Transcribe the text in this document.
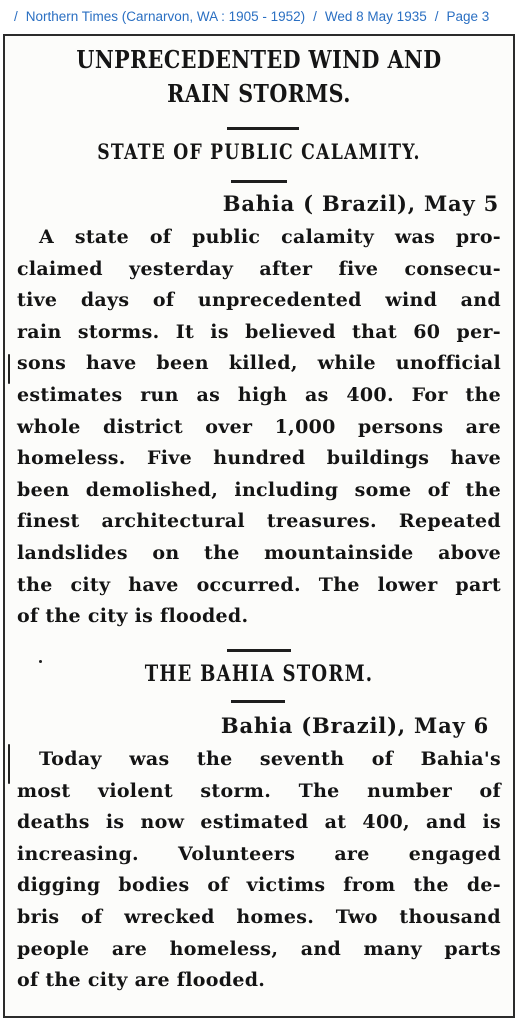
/ Northern Times (Carnarvon, WA : 1905 - 1952) / Wed 8 May 1935 / Page 3
UNPRECEDENTED WIND AND
RAIN STORMS.
STATE OF PUBLIC CALAMITY.
Bahia ( Brazil), May 5
A state of public calamity was pro-
claimed yesterday after five consecu-
tive days of unprecedented wind and
rain storms. It is believed that 60 per-
sons have been killed, while unofficial
estimates run as high as 400. For the
whole district over 1,000 persons are
homeless. Five hundred buildings have
been demolished, including some of the
finest architectural treasures. Repeated
landslides on the mountainside above
the city have occurred. The lower part
of the city is flooded.
THE BAHIA STORM.
Bahia (Brazil), May 6
Today was the seventh of Bahia's
most violent storm. The number of
deaths is now estimated at 400, and is
increasing. Volunteers are engaged
digging bodies of victims from the de-
bris of wrecked homes. Two thousand
people are homeless, and many parts
of the city are flooded.
